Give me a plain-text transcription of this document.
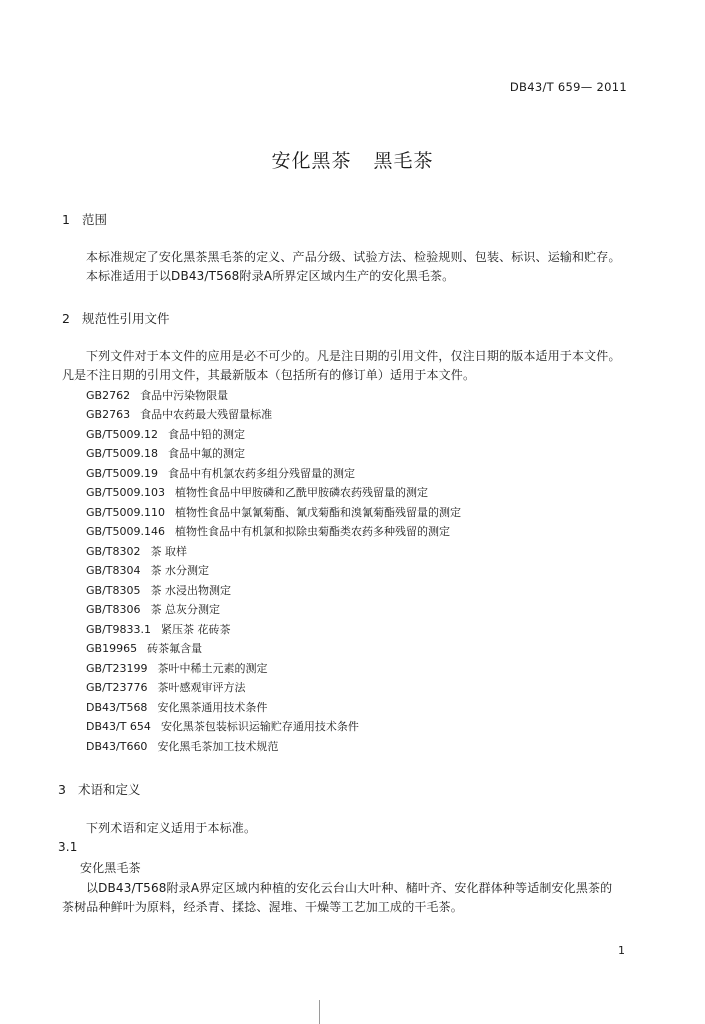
DB43/T 659— 2011
安化黑茶 黑毛茶
1 范围
本标准规定了安化黑茶黑毛茶的定义、产品分级、试验方法、检验规则、包装、标识、运输和贮存。
本标准适用于以DB43/T568附录A所界定区域内生产的安化黑毛茶。
2 规范性引用文件
下列文件对于本文件的应用是必不可少的。凡是注日期的引用文件，仅注日期的版本适用于本文件。
凡是不注日期的引用文件，其最新版本（包括所有的修订单）适用于本文件。
GB2762 食品中污染物限量
GB2763 食品中农药最大残留量标准
GB/T5009.12 食品中铅的测定
GB/T5009.18 食品中氟的测定
GB/T5009.19 食品中有机氯农药多组分残留量的测定
GB/T5009.103 植物性食品中甲胺磷和乙酰甲胺磷农药残留量的测定
GB/T5009.110 植物性食品中氯氰菊酯、氰戊菊酯和溴氰菊酯残留量的测定
GB/T5009.146 植物性食品中有机氯和拟除虫菊酯类农药多种残留的测定
GB/T8302 茶 取样
GB/T8304 茶 水分测定
GB/T8305 茶 水浸出物测定
GB/T8306 茶 总灰分测定
GB/T9833.1 紧压茶 花砖茶
GB19965 砖茶氟含量
GB/T23199 茶叶中稀土元素的测定
GB/T23776 茶叶感观审评方法
DB43/T568 安化黑茶通用技术条件
DB43/T 654 安化黑茶包装标识运输贮存通用技术条件
DB43/T660 安化黑毛茶加工技术规范
3 术语和定义
下列术语和定义适用于本标准。
3.1
安化黑毛茶
以DB43/T568附录A界定区域内种植的安化云台山大叶种、槠叶齐、安化群体种等适制安化黑茶的
茶树品种鲜叶为原料，经杀青、揉捻、渥堆、干燥等工艺加工成的干毛茶。
1
